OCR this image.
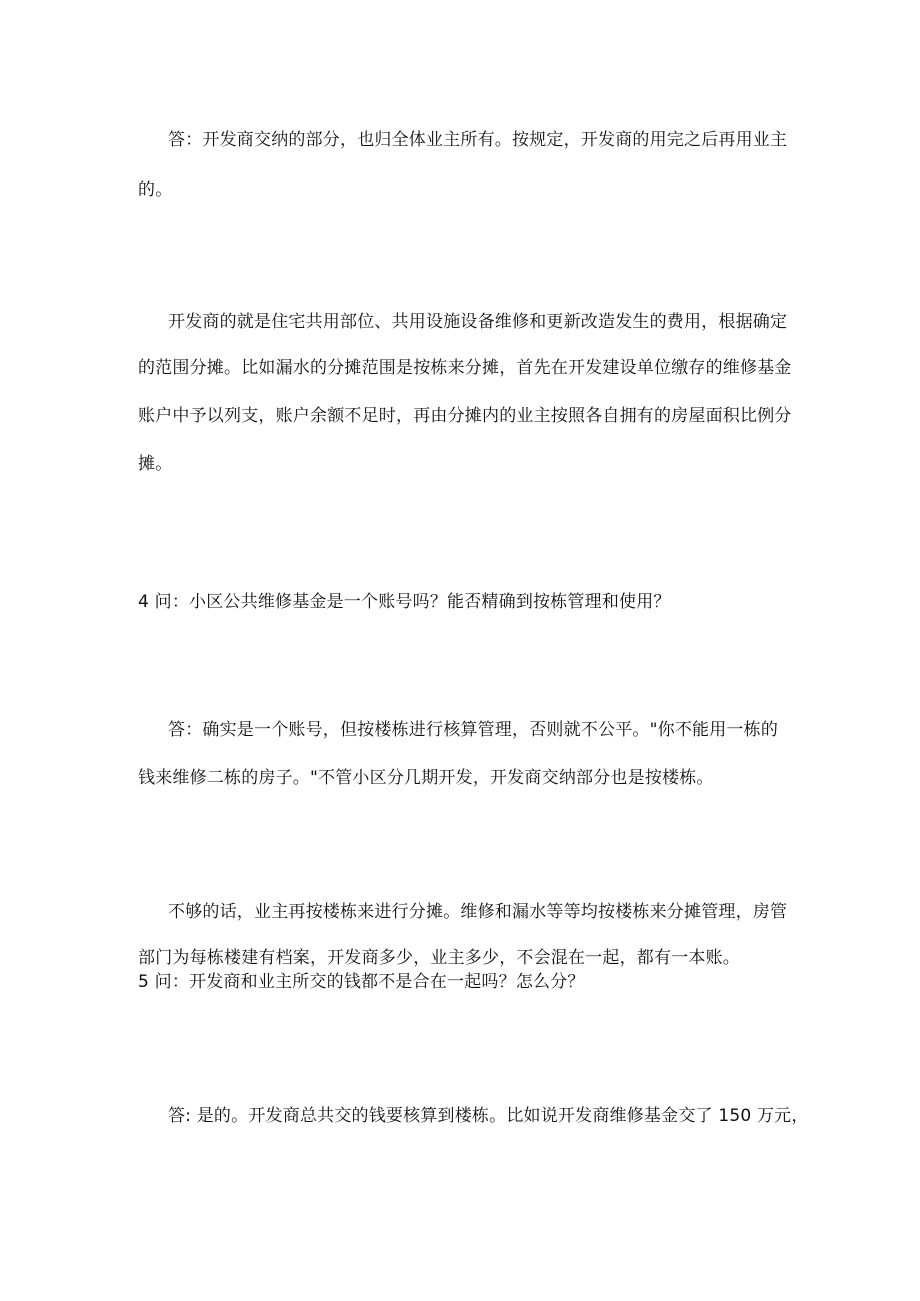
答：开发商交纳的部分，也归全体业主所有。按规定，开发商的用完之后再用业主

的。

开发商的就是住宅共用部位、共用设施设备维修和更新改造发生的费用，根据确定

的范围分摊。比如漏水的分摊范围是按栋来分摊，首先在开发建设单位缴存的维修基金

账户中予以列支，账户余额不足时，再由分摊内的业主按照各自拥有的房屋面积比例分

摊。

4 问：小区公共维修基金是一个账号吗？能否精确到按栋管理和使用？

答：确实是一个账号，但按楼栋进行核算管理，否则就不公平。"你不能用一栋的

钱来维修二栋的房子。"不管小区分几期开发，开发商交纳部分也是按楼栋。

不够的话，业主再按楼栋来进行分摊。维修和漏水等等均按楼栋来分摊管理，房管

部门为每栋楼建有档案，开发商多少，业主多少，不会混在一起，都有一本账。

5 问：开发商和业主所交的钱都不是合在一起吗？怎么分？

答: 是的。开发商总共交的钱要核算到楼栋。比如说开发商维修基金交了 150 万元，
